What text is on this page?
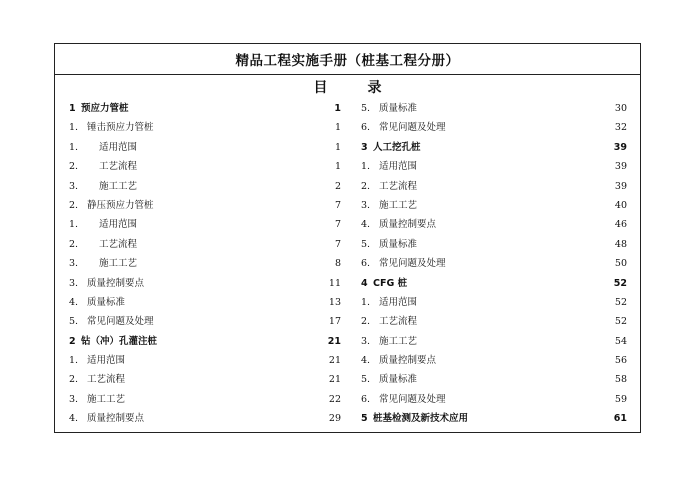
精品工程实施手册（桩基工程分册）
目	录
1 预应力管桩	1
1. 锤击预应力管桩	1
1. 适用范围	1
2. 工艺流程	1
3. 施工工艺	2
2. 静压预应力管桩	7
1. 适用范围	7
2. 工艺流程	7
3. 施工工艺	8
3. 质量控制要点	11
4. 质量标准	13
5. 常见问题及处理	17
2 钻（冲）孔灌注桩	21
1. 适用范围	21
2. 工艺流程	21
3. 施工工艺	22
4. 质量控制要点	29
5. 质量标准	30
6. 常见问题及处理	32
3 人工挖孔桩	39
1. 适用范围	39
2. 工艺流程	39
3. 施工工艺	40
4. 质量控制要点	46
5. 质量标准	48
6. 常见问题及处理	50
4 CFG 桩	52
1. 适用范围	52
2. 工艺流程	52
3. 施工工艺	54
4. 质量控制要点	56
5. 质量标准	58
6. 常见问题及处理	59
5 桩基检测及新技术应用	61
